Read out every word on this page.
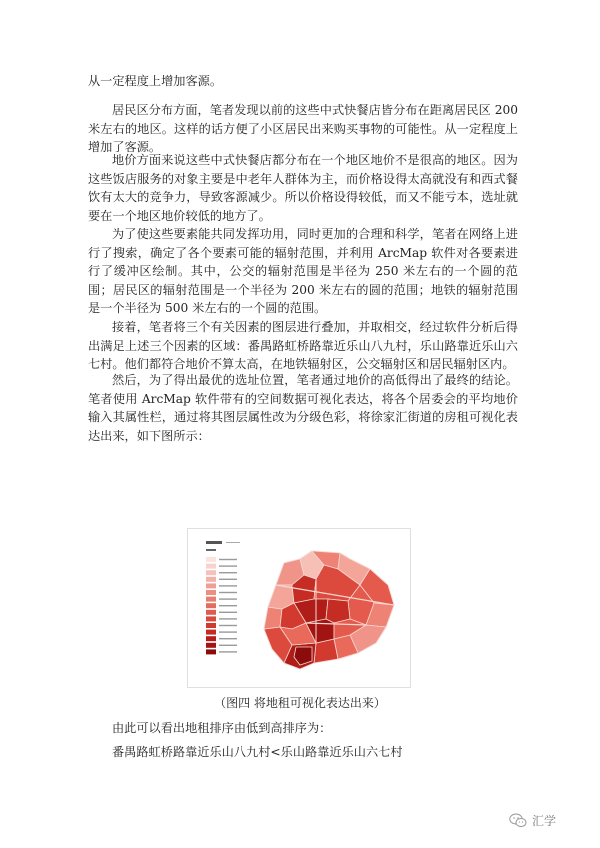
从一定程度上增加客源。

居民区分布方面，笔者发现以前的这些中式快餐店皆分布在距离居民区 200米左右的地区。这样的话方便了小区居民出来购买事物的可能性。从一定程度上增加了客源。

地价方面来说这些中式快餐店都分布在一个地区地价不是很高的地区。因为这些饭店服务的对象主要是中老年人群体为主，而价格设得太高就没有和西式餐饮有太大的竞争力，导致客源减少。所以价格设得较低，而又不能亏本，选址就要在一个地区地价较低的地方了。

为了使这些要素能共同发挥功用，同时更加的合理和科学，笔者在网络上进行了搜索，确定了各个要素可能的辐射范围，并利用 ArcMap 软件对各要素进行了缓冲区绘制。其中，公交的辐射范围是半径为 250 米左右的一个圆的范围；居民区的辐射范围是一个半径为 200 米左右的圆的范围；地铁的辐射范围是一个半径为 500 米左右的一个圆的范围。

接着，笔者将三个有关因素的图层进行叠加，并取相交，经过软件分析后得出满足上述三个因素的区域：番禺路虹桥路靠近乐山八九村，乐山路靠近乐山六七村。他们都符合地价不算太高，在地铁辐射区，公交辐射区和居民辐射区内。

然后，为了得出最优的选址位置，笔者通过地价的高低得出了最终的结论。笔者使用 ArcMap 软件带有的空间数据可视化表达，将各个居委会的平均地价输入其属性栏，通过将其图层属性改为分级色彩，将徐家汇街道的房租可视化表达出来，如下图所示：

（图四 将地租可视化表达出来）

由此可以看出地租排序由低到高排序为：

番禺路虹桥路靠近乐山八九村<乐山路靠近乐山六七村

汇学
